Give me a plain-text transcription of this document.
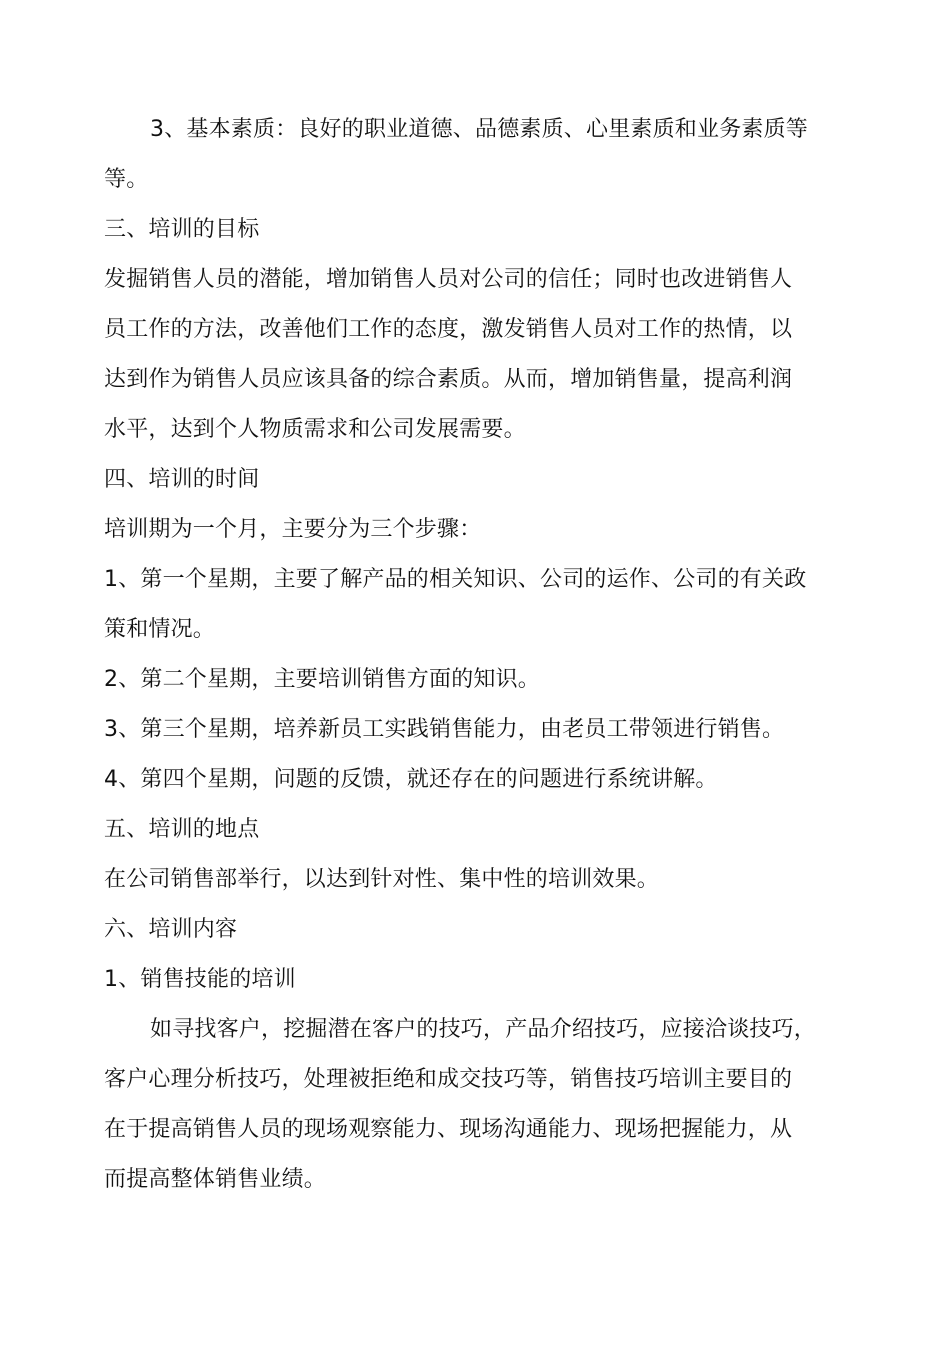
3、基本素质：良好的职业道德、品德素质、心里素质和业务素质等
等。
三、培训的目标
发掘销售人员的潜能，增加销售人员对公司的信任；同时也改进销售人
员工作的方法，改善他们工作的态度，激发销售人员对工作的热情，以
达到作为销售人员应该具备的综合素质。从而，增加销售量，提高利润
水平，达到个人物质需求和公司发展需要。
四、培训的时间
培训期为一个月，主要分为三个步骤：
1、第一个星期，主要了解产品的相关知识、公司的运作、公司的有关政
策和情况。
2、第二个星期，主要培训销售方面的知识。
3、第三个星期，培养新员工实践销售能力，由老员工带领进行销售。
4、第四个星期，问题的反馈，就还存在的问题进行系统讲解。
五、培训的地点
在公司销售部举行，以达到针对性、集中性的培训效果。
六、培训内容
1、销售技能的培训
如寻找客户，挖掘潜在客户的技巧，产品介绍技巧，应接洽谈技巧，
客户心理分析技巧，处理被拒绝和成交技巧等，销售技巧培训主要目的
在于提高销售人员的现场观察能力、现场沟通能力、现场把握能力，从
而提高整体销售业绩。
